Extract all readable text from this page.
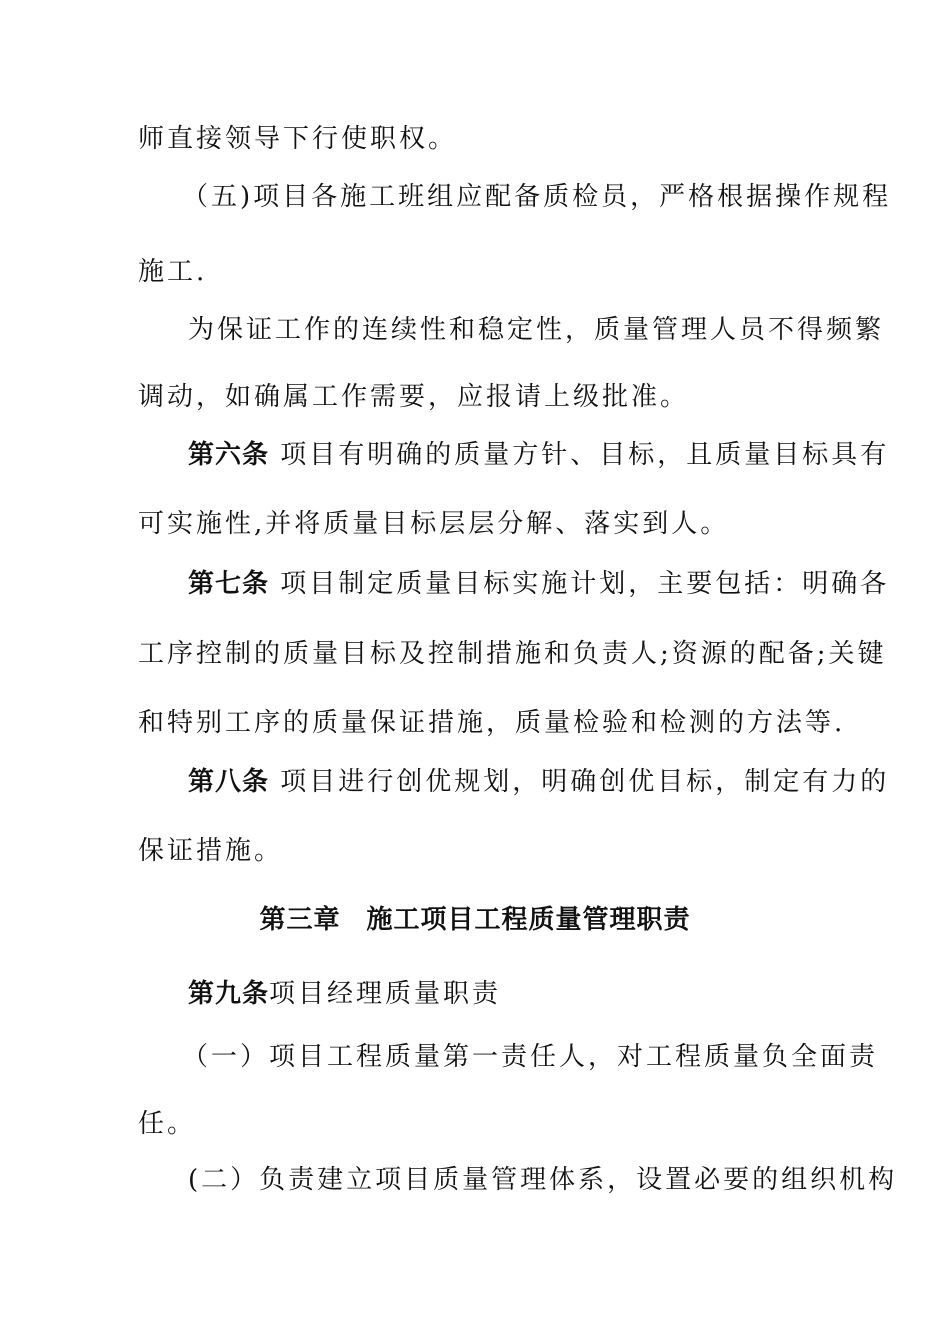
师直接领导下行使职权。

（五)项目各施工班组应配备质检员，严格根据操作规程

施工.

为保证工作的连续性和稳定性，质量管理人员不得频繁

调动，如确属工作需要，应报请上级批准。

第六条 项目有明确的质量方针、目标，且质量目标具有

可实施性,并将质量目标层层分解、落实到人。

第七条 项目制定质量目标实施计划，主要包括：明确各

工序控制的质量目标及控制措施和负责人;资源的配备;关键

和特别工序的质量保证措施，质量检验和检测的方法等.

第八条 项目进行创优规划，明确创优目标，制定有力的

保证措施。

第三章 施工项目工程质量管理职责

第九条项目经理质量职责

（一）项目工程质量第一责任人，对工程质量负全面责

任。

(二）负责建立项目质量管理体系，设置必要的组织机构
